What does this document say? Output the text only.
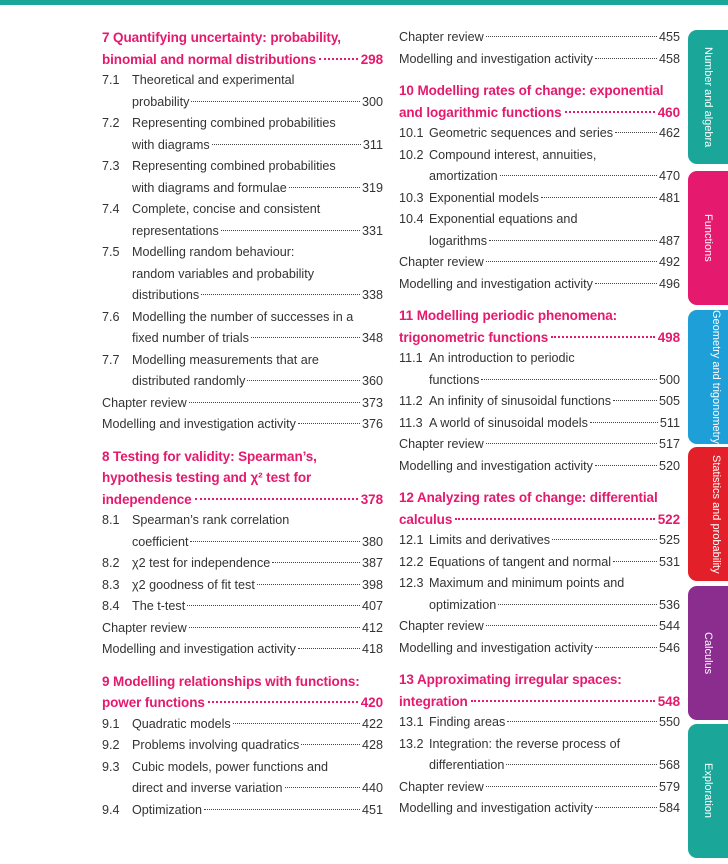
7 Quantifying uncertainty: probability,
binomial and normal distributions	298
7.1 Theoretical and experimental
probability	300
7.2 Representing combined probabilities
with diagrams	311
7.3 Representing combined probabilities
with diagrams and formulae	319
7.4 Complete, concise and consistent
representations	331
7.5 Modelling random behaviour:
random variables and probability
distributions	338
7.6 Modelling the number of successes in a
fixed number of trials	348
7.7 Modelling measurements that are
distributed randomly	360
Chapter review	373
Modelling and investigation activity	376
8 Testing for validity: Spearman’s,
hypothesis testing and χ² test for
independence	378
8.1 Spearman’s rank correlation
coefficient	380
8.2 χ2 test for independence	387
8.3 χ2 goodness of fit test	398
8.4 The t-test	407
Chapter review	412
Modelling and investigation activity	418
9 Modelling relationships with functions:
power functions	420
9.1 Quadratic models	422
9.2 Problems involving quadratics	428
9.3 Cubic models, power functions and
direct and inverse variation	440
9.4 Optimization	451
Chapter review	455
Modelling and investigation activity	458
10 Modelling rates of change: exponential
and logarithmic functions	460
10.1 Geometric sequences and series	462
10.2 Compound interest, annuities,
amortization	470
10.3 Exponential models	481
10.4 Exponential equations and
logarithms	487
Chapter review	492
Modelling and investigation activity	496
11 Modelling periodic phenomena:
trigonometric functions	498
11.1 An introduction to periodic
functions	500
11.2 An infinity of sinusoidal functions	505
11.3 A world of sinusoidal models	511
Chapter review	517
Modelling and investigation activity	520
12 Analyzing rates of change: differential
calculus	522
12.1 Limits and derivatives	525
12.2 Equations of tangent and normal	531
12.3 Maximum and minimum points and
optimization	536
Chapter review	544
Modelling and investigation activity	546
13 Approximating irregular spaces:
integration	548
13.1 Finding areas	550
13.2 Integration: the reverse process of
differentiation	568
Chapter review	579
Modelling and investigation activity	584
Number and algebra
Functions
Geometry and trigonometry
Statistics and probability
Calculus
Exploration
